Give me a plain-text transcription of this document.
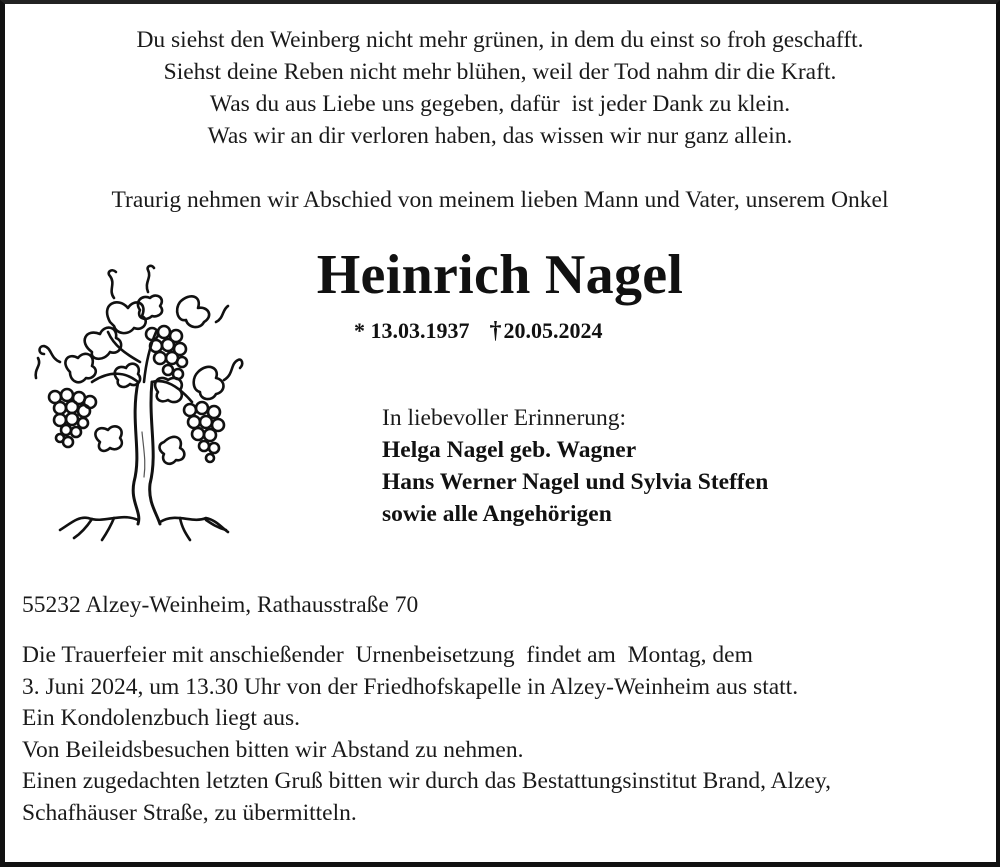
Du siehst den Weinberg nicht mehr grünen, in dem du einst so froh geschafft.
Siehst deine Reben nicht mehr blühen, weil der Tod nahm dir die Kraft.
Was du aus Liebe uns gegeben, dafür  ist jeder Dank zu klein.
Was wir an dir verloren haben, das wissen wir nur ganz allein.
Traurig nehmen wir Abschied von meinem lieben Mann und Vater, unserem Onkel
Heinrich Nagel
* 13.03.1937 †20.05.2024
In liebevoller Erinnerung:
Helga Nagel geb. Wagner
Hans Werner Nagel und Sylvia Steffen
sowie alle Angehörigen
55232 Alzey-Weinheim, Rathausstraße 70
Die Trauerfeier mit anschießender  Urnenbeisetzung  findet am  Montag, dem
3. Juni 2024, um 13.30 Uhr von der Friedhofskapelle in Alzey-Weinheim aus statt.
Ein Kondolenzbuch liegt aus.
Von Beileidsbesuchen bitten wir Abstand zu nehmen.
Einen zugedachten letzten Gruß bitten wir durch das Bestattungsinstitut Brand, Alzey,
Schafhäuser Straße, zu übermitteln.
